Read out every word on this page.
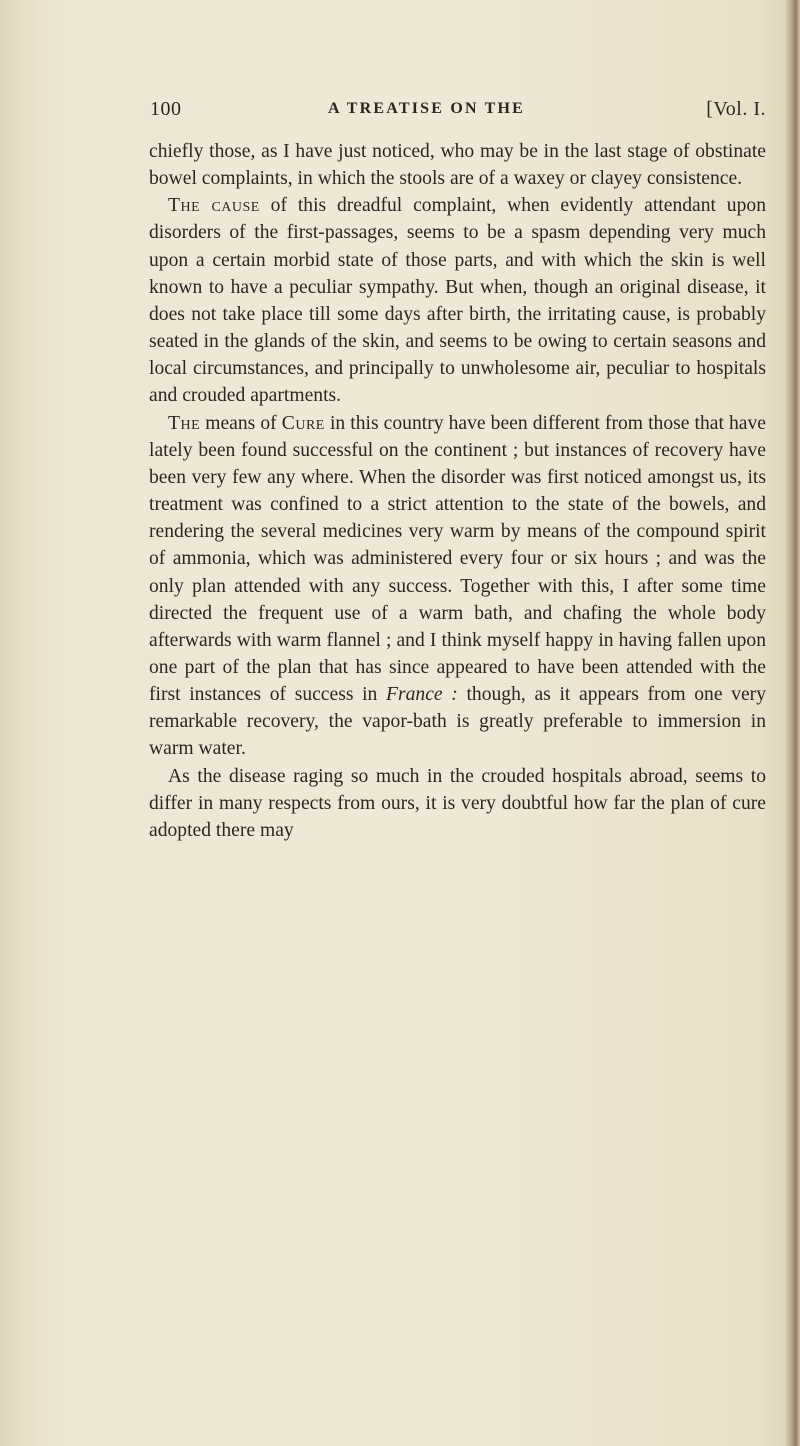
100	A TREATISE ON THE	[Vol. I.

chiefly those, as I have just noticed, who may be in the last stage of obstinate bowel complaints, in which the stools are of a waxey or clayey consistence.

The cause of this dreadful complaint, when evidently attendant upon disorders of the first-passages, seems to be a spasm depending very much upon a certain morbid state of those parts, and with which the skin is well known to have a peculiar sympathy. But when, though an original disease, it does not take place till some days after birth, the irritating cause, is probably seated in the glands of the skin, and seems to be owing to certain seasons and local circumstances, and principally to unwholesome air, peculiar to hospitals and crouded apartments.

The means of Cure in this country have been different from those that have lately been found successful on the continent ; but instances of recovery have been very few any where. When the disorder was first noticed amongst us, its treatment was confined to a strict attention to the state of the bowels, and rendering the several medicines very warm by means of the compound spirit of ammonia, which was administered every four or six hours ; and was the only plan attended with any success. Together with this, I after some time directed the frequent use of a warm bath, and chafing the whole body afterwards with warm flannel ; and I think myself happy in having fallen upon one part of the plan that has since appeared to have been attended with the first instances of success in France : though, as it appears from one very remarkable recovery, the vapor-bath is greatly preferable to immersion in warm water.

As the disease raging so much in the crouded hospitals abroad, seems to differ in many respects from ours, it is very doubtful how far the plan of cure adopted there may
